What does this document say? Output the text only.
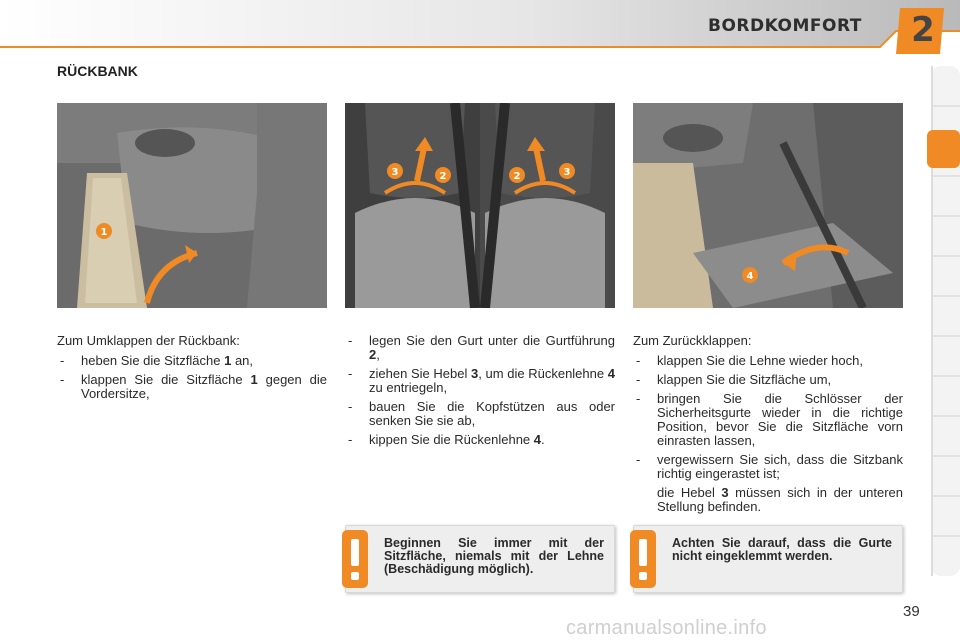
BORDKOMFORT 2
RÜCKBANK
1
3	2	2	3
4

Zum Umklappen der Rückbank:

- heben Sie die Sitzfläche 1 an,
- klappen Sie die Sitzfläche 1 gegen die Vordersitze,
- legen Sie den Gurt unter die Gurtführung 2,
- ziehen Sie Hebel 3, um die Rückenlehne 4 zu entriegeln,
- bauen Sie die Kopfstützen aus oder senken Sie sie ab,
- kippen Sie die Rückenlehne 4.

Zum Zurückklappen:

- klappen Sie die Lehne wieder hoch,
- klappen Sie die Sitzfläche um,
- bringen Sie die Schlösser der Sicherheitsgurte wieder in die richtige Position, bevor Sie die Sitzfläche vorn einrasten lassen,
- vergewissern Sie sich, dass die Sitzbank richtig eingerastet ist;
die Hebel 3 müssen sich in der unteren Stellung befinden.
Beginnen Sie immer mit der Sitzfläche, niemals mit der Lehne (Beschädigung möglich).
Achten Sie darauf, dass die Gurte nicht eingeklemmt werden.
39
carmanualsonline.info
